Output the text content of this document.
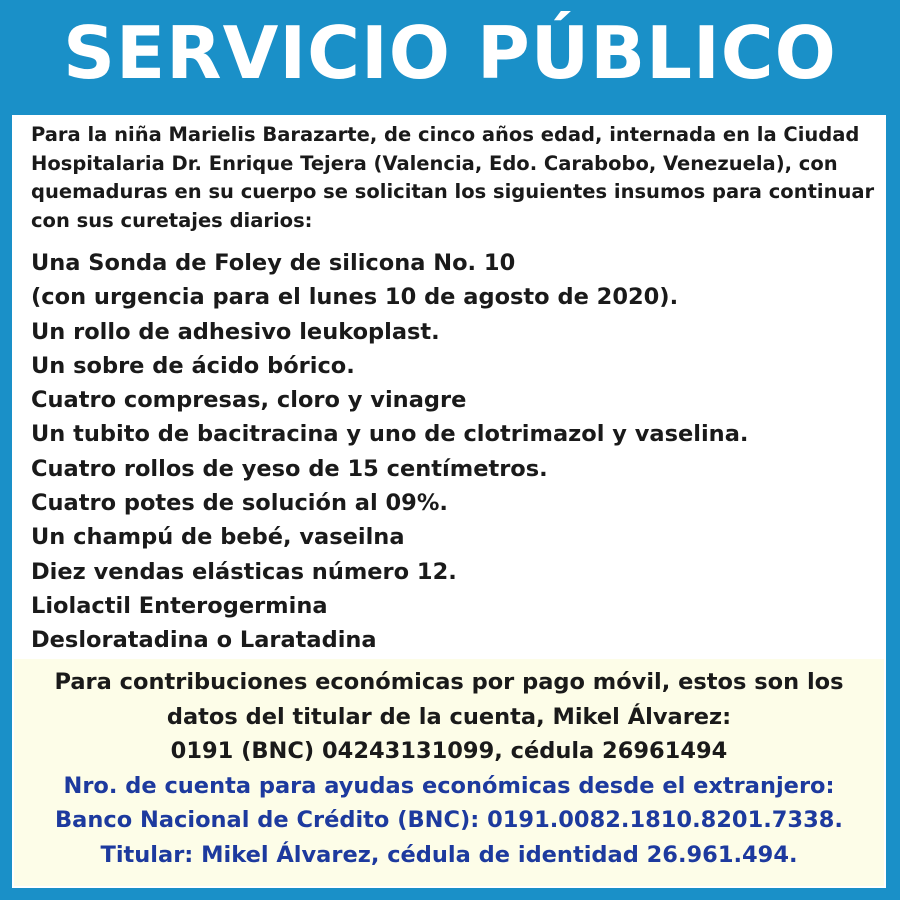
SERVICIO PÚBLICO

Para la niña Marielis Barazarte, de cinco años edad, internada en la Ciudad Hospitalaria Dr. Enrique Tejera (Valencia, Edo. Carabobo, Venezuela), con quemaduras en su cuerpo se solicitan los siguientes insumos para continuar con sus curetajes diarios:

Una Sonda de Foley de silicona No. 10
(con urgencia para el lunes 10 de agosto de 2020).
Un rollo de adhesivo leukoplast.
Un sobre de ácido bórico.
Cuatro compresas, cloro y vinagre
Un tubito de bacitracina y uno de clotrimazol y vaselina.
Cuatro rollos de yeso de 15 centímetros.
Cuatro potes de solución al 09%.
Un champú de bebé, vaseilna
Diez vendas elásticas número 12.
Liolactil Enterogermina
Desloratadina o Laratadina

Para contribuciones económicas por pago móvil, estos son los

datos del titular de la cuenta, Mikel Álvarez:

0191 (BNC) 04243131099, cédula 26961494

Nro. de cuenta para ayudas económicas desde el extranjero:

Banco Nacional de Crédito (BNC): 0191.0082.1810.8201.7338.

Titular: Mikel Álvarez, cédula de identidad 26.961.494.
